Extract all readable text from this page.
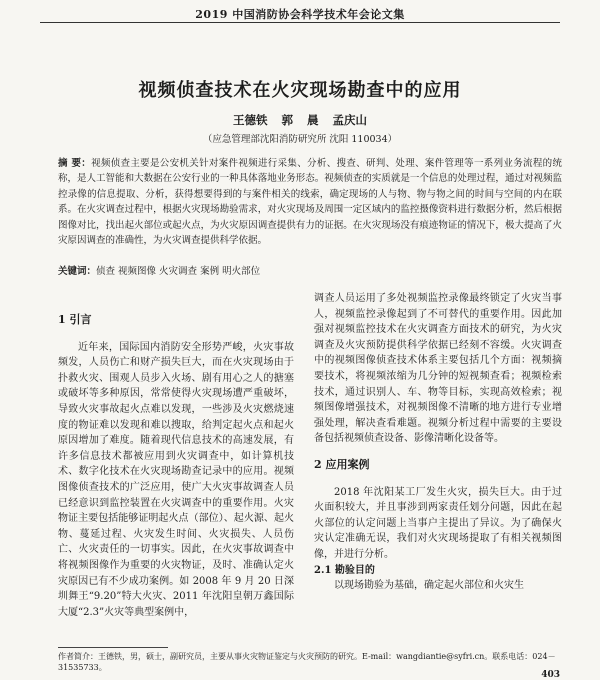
2019 中国消防协会科学技术年会论文集
视频侦查技术在火灾现场勘查中的应用
王德铁 郭 晨 孟庆山
（应急管理部沈阳消防研究所 沈阳 110034）
摘 要：视频侦查主要是公安机关针对案件视频进行采集、分析、搜查、研判、处理、案件管理等一系列业务流程的统称，是人工智能和大数据在公安行业的一种具体落地业务形态。视频侦查的实质就是一个信息的处理过程，通过对视频监控录像的信息提取、分析，获得想要得到的与案件相关的线索，确定现场的人与物、物与物之间的时间与空间的内在联系。在火灾调查过程中，根据火灾现场勘验需求，对火灾现场及周围一定区域内的监控摄像资料进行数据分析，然后根据图像对比，找出起火部位或起火点，为火灾原因调查提供有力的证据。在火灾现场没有痕迹物证的情况下，极大提高了火灾原因调查的准确性，为火灾调查提供科学依据。
关键词：侦查 视频图像 火灾调查 案例 明火部位
1 引言

近年来，国际国内消防安全形势严峻，火灾事故频发，人员伤亡和财产损失巨大，而在火灾现场由于扑救火灾、围观人员步入火场、剧有用心之人的搪塞或破坏等多种原因，常常使得火灾现场遭严重破坏，导致火灾事故起火点难以发现，一些涉及火灾燃烧速度的物证难以发现和难以搜取，给判定起火点和起火原因增加了难度。随着现代信息技术的高速发展，有许多信息技术都被应用到火灾调查中，如计算机技术、数字化技术在火灾现场勘查记录中的应用。视频图像侦查技术的广泛应用，使广大火灾事故调查人员已经意识到监控装置在火灾调查中的重要作用。火灾物证主要包括能够证明起火点（部位）、起火源、起火物、蔓延过程、火灾发生时间、火灾损失、人员伤亡、火灾责任的一切事实。因此，在火灾事故调查中将视频图像作为重要的火灾物证，及时、准确认定火灾原因已有不少成功案例。如 2008 年 9 月 20 日深圳舞王“9.20”特大火灾、2011 年沈阳皇朝万鑫国际大厦“2.3”火灾等典型案例中，

调查人员运用了多处视频监控录像最终锁定了火灾当事人，视频监控录像起到了不可替代的重要作用。因此加强对视频监控技术在火灾调查方面技术的研究，为火灾调查及火灾预防提供科学依据已经刻不容缓。火灾调查中的视频图像侦查技术体系主要包括几个方面：视频摘要技术，将视频浓缩为几分钟的短视频查看；视频检索技术，通过识别人、车、物等目标，实现高效检索；视频图像增强技术，对视频图像不清晰的地方进行专业增强处理，解决查看难题。视频分析过程中需要的主要设备包括视频侦查设备、影像清晰化设备等。

2 应用案例

2018 年沈阳某工厂发生火灾，损失巨大。由于过火面积较大，并且事涉到两家责任划分问题，因此在起火部位的认定问题上当事户主提出了异议。为了确保火灾认定准确无误，我们对火灾现场提取了有相关视频图像，并进行分析。

2.1 勘验目的

以现场勘验为基础，确定起火部位和火灾生

作者简介：王德铁，男，硕士，副研究员，主要从事火灾物证鉴定与火灾预防的研究。E-mail：wangdiantie@syfri.cn。联系电话：024－31535733。
403
